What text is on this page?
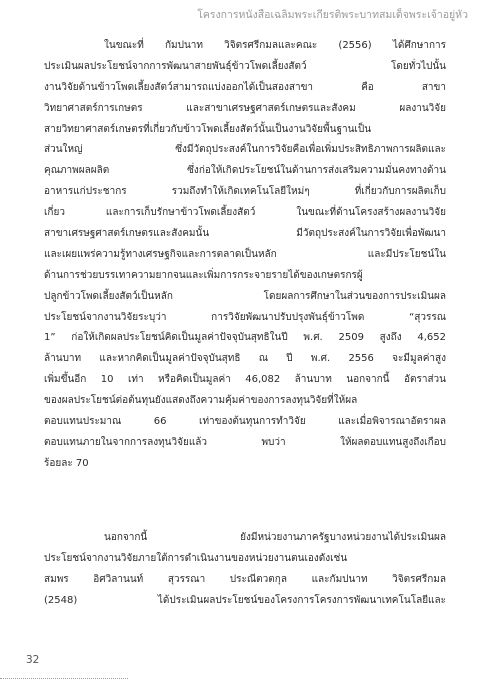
โครงการหนังสือเฉลิมพระเกียรติพระบาทสมเด็จพระเจ้าอยู่หัว
ในขณะที่ กัมปนาท วิจิตรศรีกมลและคณะ (2556) ได้ศึกษาการ
ประเมินผลประโยชน์จากการพัฒนาสายพันธุ์ข้าวโพดเลี้ยงสัตว์ โดยทั่วไปนั้น
งานวิจัยด้านข้าวโพดเลี้ยงสัตว์สามารถแบ่งออกได้เป็นสองสาขา คือ สาขา
วิทยาศาสตร์การเกษตร และสาขาเศรษฐศาสตร์เกษตรและสังคม ผลงานวิจัย
สายวิทยาศาสตร์เกษตรที่เกี่ยวกับข้าวโพดเลี้ยงสัตว์นั้นเป็นงานวิจัยพื้นฐานเป็น
ส่วนใหญ่ ซึ่งมีวัตถุประสงค์ในการวิจัยคือเพื่อเพิ่มประสิทธิภาพการผลิตและ
คุณภาพผลผลิต ซึ่งก่อให้เกิดประโยชน์ในด้านการส่งเสริมความมั่นคงทางด้าน
อาหารแก่ประชากร รวมถึงทำให้เกิดเทคโนโลยีใหม่ๆ ที่เกี่ยวกับการผลิตเก็บ
เกี่ยว และการเก็บรักษาข้าวโพดเลี้ยงสัตว์ ในขณะที่ด้านโครงสร้างผลงานวิจัย
สาขาเศรษฐศาสตร์เกษตรและสังคมนั้น มีวัตถุประสงค์ในการวิจัยเพื่อพัฒนา
และเผยแพร่ความรู้ทางเศรษฐกิจและการตลาดเป็นหลัก และมีประโยชน์ใน
ด้านการช่วยบรรเทาความยากจนและเพิ่มการกระจายรายได้ของเกษตรกรผู้
ปลูกข้าวโพดเลี้ยงสัตว์เป็นหลัก โดยผลการศึกษาในส่วนของการประเมินผล
ประโยชน์จากงานวิจัยระบุว่า การวิจัยพัฒนาปรับปรุงพันธุ์ข้าวโพด “สุวรรณ
1” ก่อให้เกิดผลประโยชน์คิดเป็นมูลค่าปัจจุบันสุทธิในปี พ.ศ. 2509 สูงถึง 4,652
ล้านบาท และหากคิดเป็นมูลค่าปัจจุบันสุทธิ ณ ปี พ.ศ. 2556 จะมีมูลค่าสูง
เพิ่มขึ้นอีก 10 เท่า หรือคิดเป็นมูลค่า 46,082 ล้านบาท นอกจากนี้ อัตราส่วน
ของผลประโยชน์ต่อต้นทุนยังแสดงถึงความคุ้มค่าของการลงทุนวิจัยที่ให้ผล
ตอบแทนประมาณ 66 เท่าของต้นทุนการทำวิจัย และเมื่อพิจารณาอัตราผล
ตอบแทนภายในจากการลงทุนวิจัยแล้ว พบว่า ให้ผลตอบแทนสูงถึงเกือบ
ร้อยละ 70
นอกจากนี้ ยังมีหน่วยงานภาครัฐบางหน่วยงานได้ประเมินผล
ประโยชน์จากงานวิจัยภายใต้การดำเนินงานของหน่วยงานตนเองดังเช่น
สมพร อิศวิลานนท์ สุวรรณา ประณีตวตกุล และกัมปนาท วิจิตรศรีกมล
(2548) ได้ประเมินผลประโยชน์ของโครงการโครงการพัฒนาเทคโนโลยีและ
32
